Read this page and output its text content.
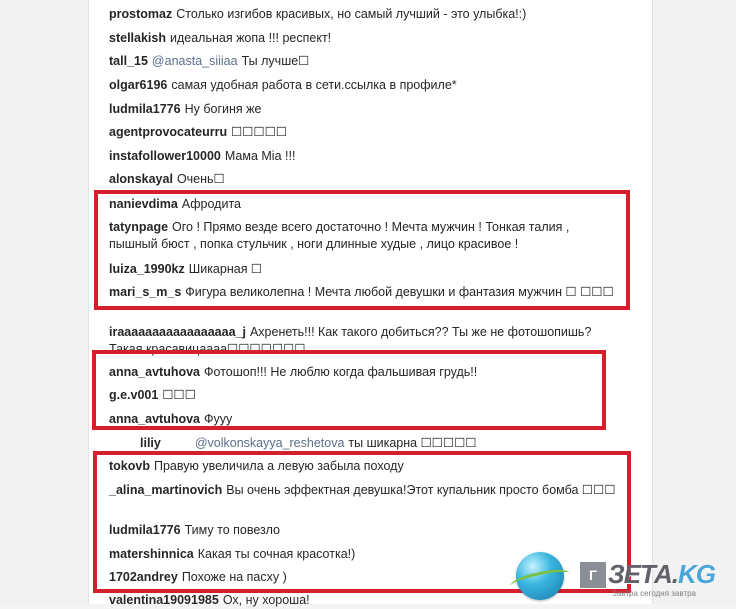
prostomaz Столько изгибов красивых, но самый лучший - это улыбка!:)
stellakish идеальная жопа !!! респект!
tall_15 @anasta_siiiaa Ты лучше☐
olgar6196 самая удобная работа в сети.ссылка в профиле*
ludmila1776 Ну богиня же
agentprovocateurru ☐☐☐☐☐
instafollower10000 Мама Mia !!!
alonskayal Очень☐
nanievdima Афродита
tatynpage Ого ! Прямо везде всего достаточно ! Мечта мужчин ! Тонкая талия , пышный бюст , попка стульчик , ноги длинные худые , лицо красивое !
luiza_1990kz Шикарная ☐
mari_s_m_s Фигура великолепна ! Мечта любой девушки и фантазия мужчин ☐ ☐☐☐
iraaaaaaaaaaaaaaaaa_j Ахренеть!!! Как такого добиться?? Ты же не фотошопишь? Такая красавицаааа☐☐☐☐☐☐☐
anna_avtuhova Фотошоп!!! Не люблю когда фальшивая грудь!!
g.e.v001 ☐☐☐
anna_avtuhova Фууу
liliy	@volkonskayya_reshetova ты шикарна ☐☐☐☐☐
tokovb Правую увеличила а левую забыла походу
_alina_martinovich Вы очень эффектная девушка!Этот купальник просто бомба ☐☐☐
ludmila1776 Тиму то повезло
matershinnica Какая ты сочная красотка!)
1702andrey Похоже на пасху )
valentina19091985 Ох, ну хороша!
Г ЗЕТА.KG
Завтра сегодня завтра
